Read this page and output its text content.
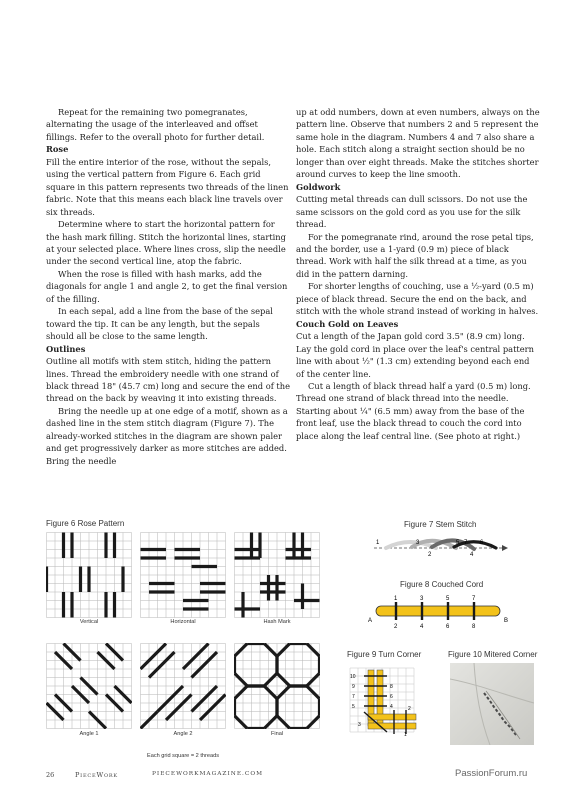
Repeat for the remaining two pomegranates, alternating the usage of the interleaved and offset fillings. Refer to the overall photo for further detail.

Rose

Fill the entire interior of the rose, without the sepals, using the vertical pattern from Figure 6. Each grid square in this pattern represents two threads of the linen fabric. Note that this means each black line travels over six threads.

Determine where to start the horizontal pattern for the hash mark filling. Stitch the horizontal lines, starting at your selected place. Where lines cross, slip the needle under the second vertical line, atop the fabric.

When the rose is filled with hash marks, add the diagonals for angle 1 and angle 2, to get the final version of the filling.

In each sepal, add a line from the base of the sepal toward the tip. It can be any length, but the sepals should all be close to the same length.

Outlines

Outline all motifs with stem stitch, hiding the pattern lines. Thread the embroidery needle with one strand of black thread 18" (45.7 cm) long and secure the end of the thread on the back by weaving it into existing threads.

Bring the needle up at one edge of a motif, shown as a dashed line in the stem stitch diagram (Figure 7). The already-worked stitches in the diagram are shown paler and get progressively darker as more stitches are added. Bring the needle

up at odd numbers, down at even numbers, always on the pattern line. Observe that numbers 2 and 5 represent the same hole in the diagram. Numbers 4 and 7 also share a hole. Each stitch along a straight section should be no longer than over eight threads. Make the stitches shorter around curves to keep the line smooth.

Goldwork

Cutting metal threads can dull scissors. Do not use the same scissors on the gold cord as you use for the silk thread.

For the pomegranate rind, around the rose petal tips, and the border, use a 1-yard (0.9 m) piece of black thread. Work with half the silk thread at a time, as you did in the pattern darning.

For shorter lengths of couching, use a ½-yard (0.5 m) piece of black thread. Secure the end on the back, and stitch with the whole strand instead of working in halves.

Couch Gold on Leaves

Cut a length of the Japan gold cord 3.5" (8.9 cm) long. Lay the gold cord in place over the leaf's central pattern line with about ½" (1.3 cm) extending beyond each end of the center line.

Cut a length of black thread half a yard (0.5 m) long. Thread one strand of black thread into the needle. Starting about ¼" (6.5 mm) away from the base of the front leaf, use the black thread to couch the cord into place along the leaf central line. (See photo at right.)

Figure 6 Rose Pattern
Vertical	Horizontal	Hash Mark
Angle 1	Angle 2	Final
Each grid square = 2 threads
Figure 7 Stem Stitch
1	3
2
5 7
4
6
Figure 8 Couched Cord
1	3	5	7
2	4	6	8
A	B
Figure 9 Turn Corner
10
9
7
8
6
5	4
3
2
1
Figure 10 Mitered Corner
26	PieceWork	PIECEWORKMAGAZINE.COM	PassionForum.ru
